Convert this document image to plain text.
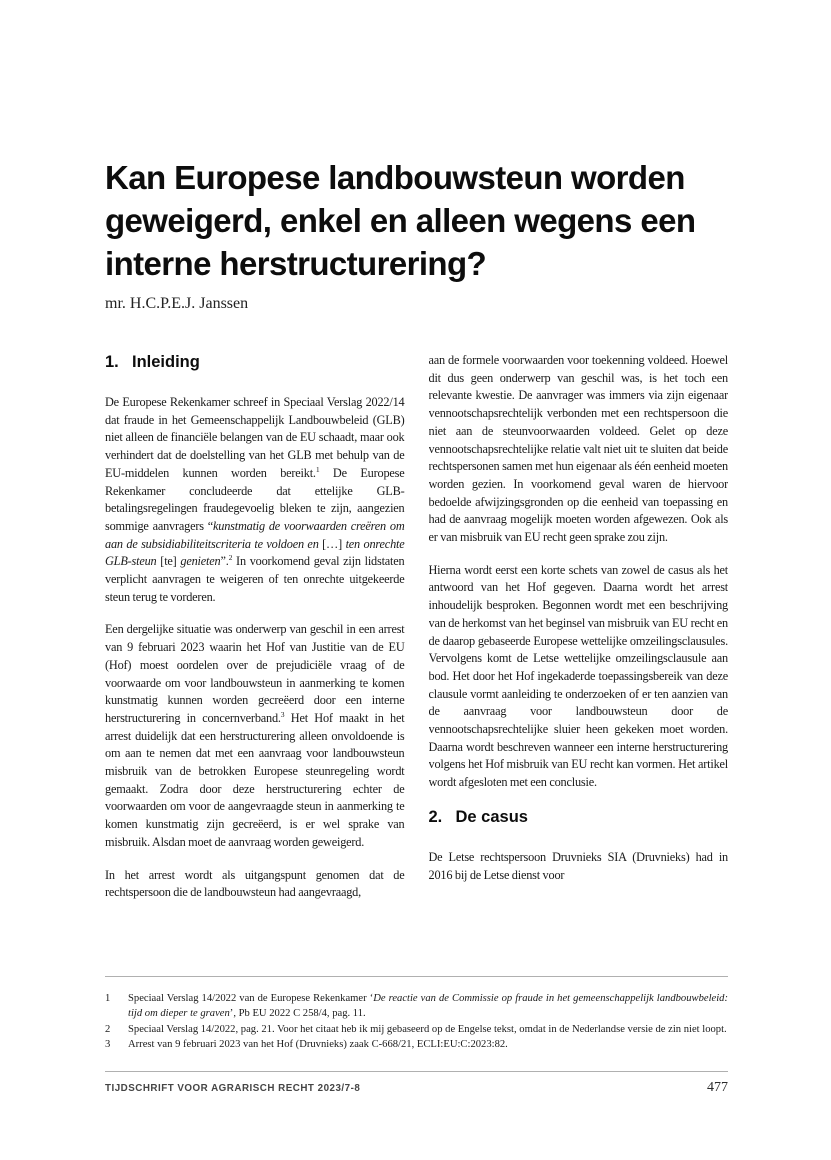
Kan Europese landbouwsteun worden geweigerd, enkel en alleen wegens een interne herstructurering?

mr. H.C.P.E.J. Janssen

1. Inleiding

De Europese Rekenkamer schreef in Speciaal Verslag 2022/14 dat fraude in het Gemeenschappelijk Landbouwbeleid (GLB) niet alleen de financiële belangen van de EU schaadt, maar ook verhindert dat de doelstelling van het GLB met behulp van de EU-middelen kunnen worden bereikt.$^1$ De Europese Rekenkamer concludeerde dat ettelijke GLB-betalingsregelingen fraudegevoelig bleken te zijn, aangezien sommige aanvragers “kunstmatig de voorwaarden creëren om aan de subsidiabiliteitscriteria te voldoen en […] ten onrechte GLB-steun [te] genieten”.$^2$ In voorkomend geval zijn lidstaten verplicht aanvragen te weigeren of ten onrechte uitgekeerde steun terug te vorderen.

Een dergelijke situatie was onderwerp van geschil in een arrest van 9 februari 2023 waarin het Hof van Justitie van de EU (Hof) moest oordelen over de prejudiciële vraag of de voorwaarde om voor landbouwsteun in aanmerking te komen kunstmatig kunnen worden gecreëerd door een interne herstructurering in concernverband.$^3$ Het Hof maakt in het arrest duidelijk dat een herstructurering alleen onvoldoende is om aan te nemen dat met een aanvraag voor landbouwsteun misbruik van de betrokken Europese steunregeling wordt gemaakt. Zodra door deze herstructurering echter de voorwaarden om voor de aangevraagde steun in aanmerking te komen kunstmatig zijn gecreëerd, is er wel sprake van misbruik. Alsdan moet de aanvraag worden geweigerd.

In het arrest wordt als uitgangspunt genomen dat de rechtspersoon die de landbouwsteun had aangevraagd,

aan de formele voorwaarden voor toekenning voldeed. Hoewel dit dus geen onderwerp van geschil was, is het toch een relevante kwestie. De aanvrager was immers via zijn eigenaar vennootschapsrechtelijk verbonden met een rechtspersoon die niet aan de steunvoorwaarden voldeed. Gelet op deze vennootschapsrechtelijke relatie valt niet uit te sluiten dat beide rechtspersonen samen met hun eigenaar als één eenheid moeten worden gezien. In voorkomend geval waren de hiervoor bedoelde afwijzingsgronden op die eenheid van toepassing en had de aanvraag mogelijk moeten worden afgewezen. Ook als er van misbruik van EU recht geen sprake zou zijn.

Hierna wordt eerst een korte schets van zowel de casus als het antwoord van het Hof gegeven. Daarna wordt het arrest inhoudelijk besproken. Begonnen wordt met een beschrijving van de herkomst van het beginsel van misbruik van EU recht en de daarop gebaseerde Europese wettelijke omzeilingsclausules. Vervolgens komt de Letse wettelijke omzeilingsclausule aan bod. Het door het Hof ingekaderde toepassingsbereik van deze clausule vormt aanleiding te onderzoeken of er ten aanzien van de aanvraag voor landbouwsteun door de vennootschapsrechtelijke sluier heen gekeken moet worden. Daarna wordt beschreven wanneer een interne herstructurering volgens het Hof misbruik van EU recht kan vormen. Het artikel wordt afgesloten met een conclusie.

2. De casus

De Letse rechtspersoon Druvnieks SIA (Druvnieks) had in 2016 bij de Letse dienst voor

1	Speciaal Verslag 14/2022 van de Europese Rekenkamer ‘De reactie van de Commissie op fraude in het gemeenschappelijk landbouwbeleid: tijd om dieper te graven’, Pb EU 2022 C 258/4, pag. 11.
2	Speciaal Verslag 14/2022, pag. 21. Voor het citaat heb ik mij gebaseerd op de Engelse tekst, omdat in de Nederlandse versie de zin niet loopt.
3	Arrest van 9 februari 2023 van het Hof (Druvnieks) zaak C-668/21, ECLI:EU:C:2023:82.
TIJDSCHRIFT VOOR AGRARISCH RECHT 2023/7-8	477
